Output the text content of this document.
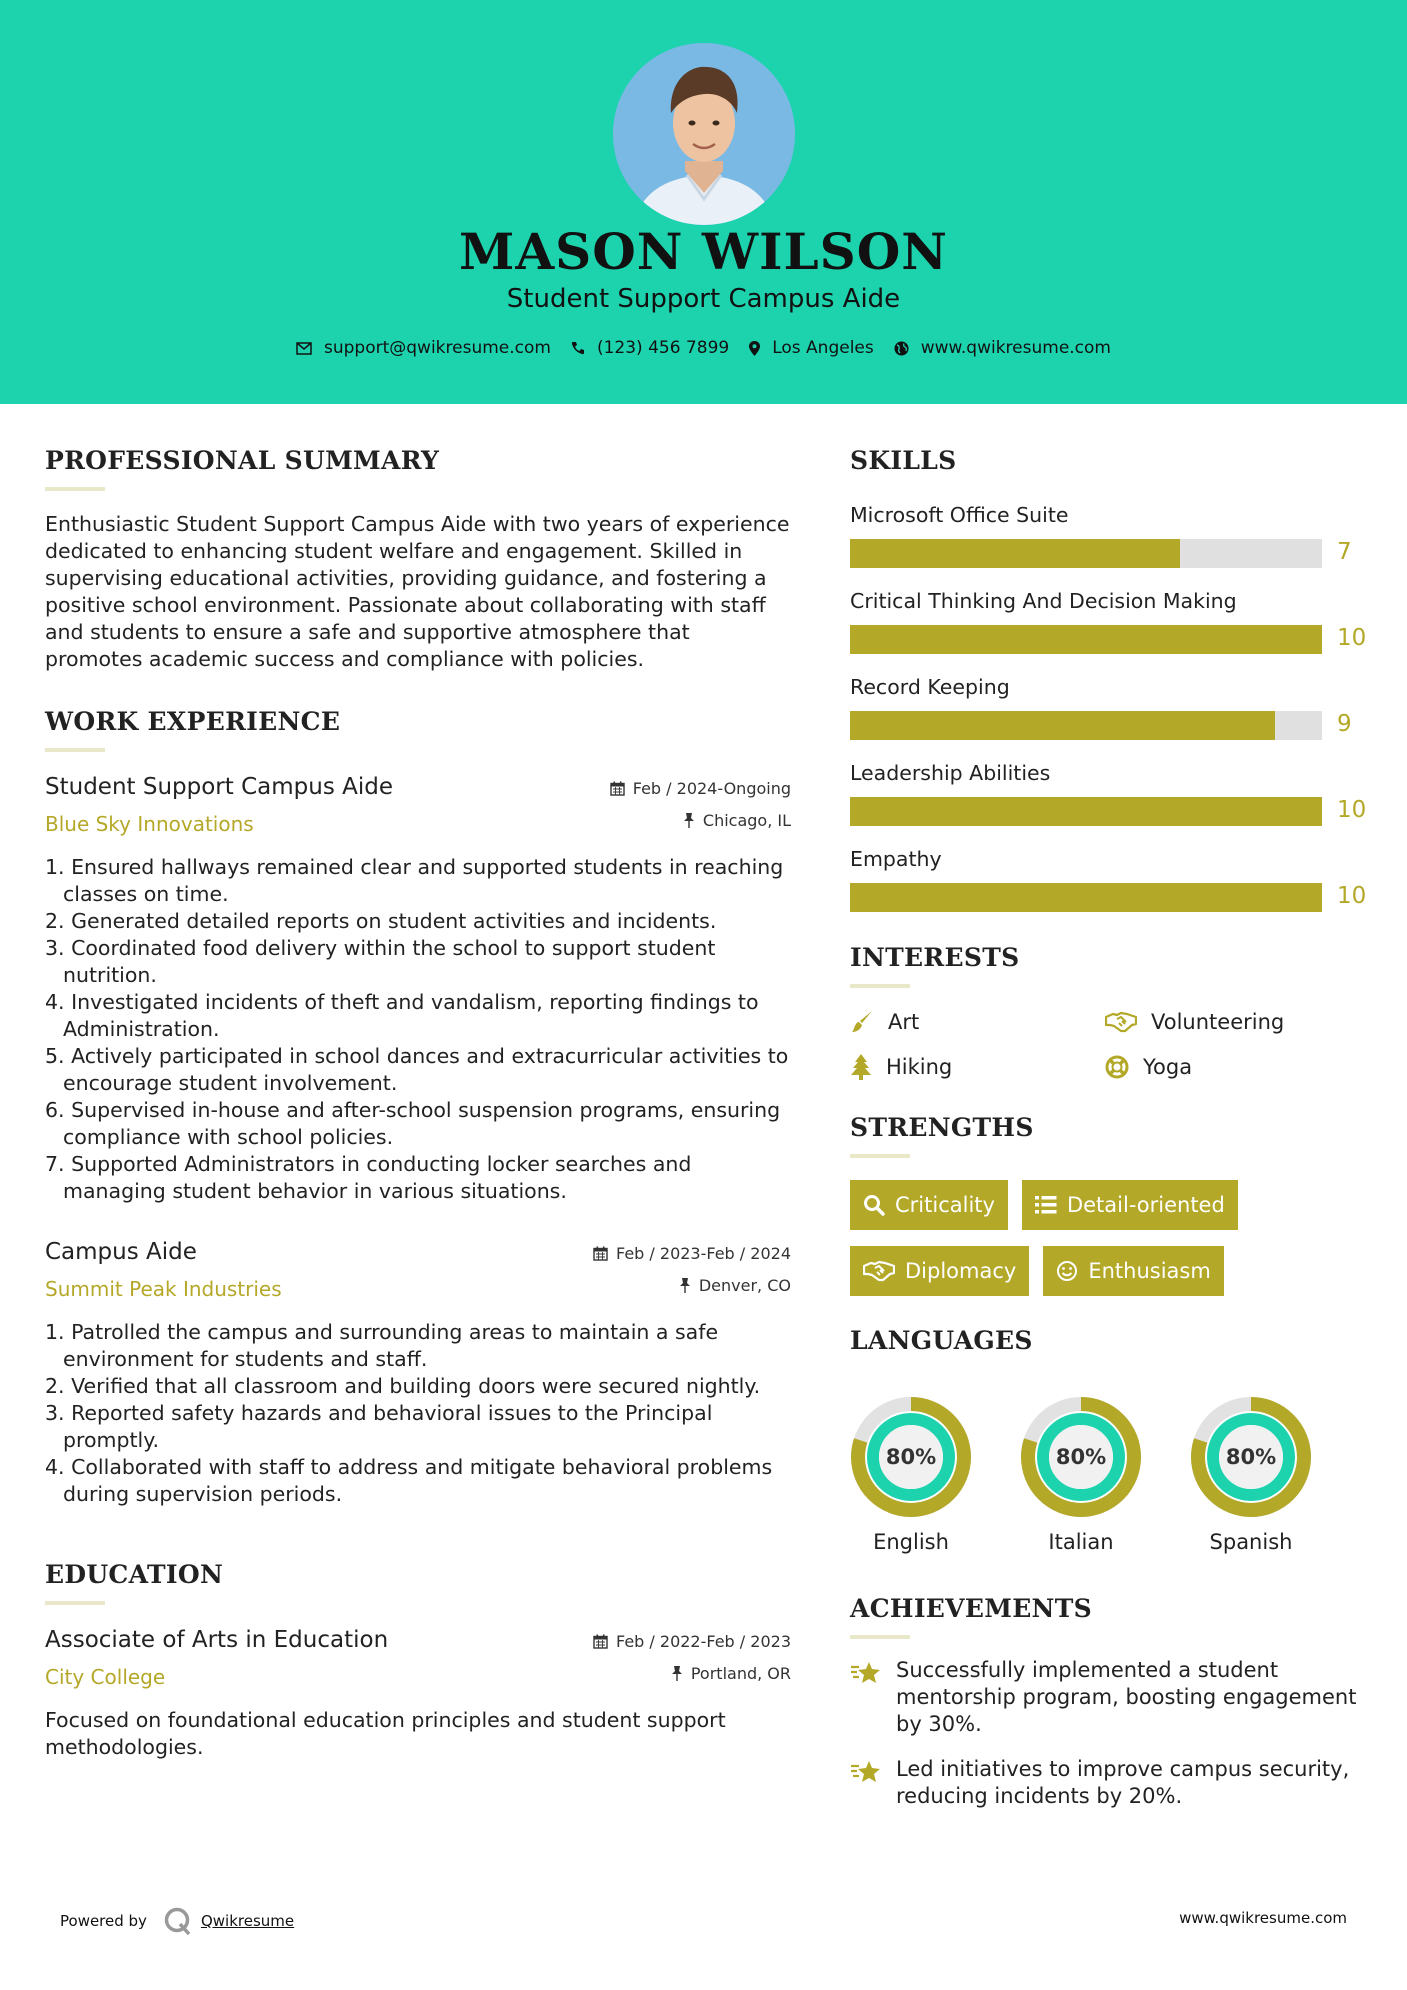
MASON WILSON
Student Support Campus Aide
support@qwikresume.com	(123) 456 7899	Los Angeles	www.qwikresume.com
PROFESSIONAL SUMMARY
Enthusiastic Student Support Campus Aide with two years of experience dedicated to enhancing student welfare and engagement. Skilled in supervising educational activities, providing guidance, and fostering a positive school environment. Passionate about collaborating with staff and students to ensure a safe and supportive atmosphere that promotes academic success and compliance with policies.
WORK EXPERIENCE
Student Support Campus Aide
Blue Sky Innovations
Feb / 2024-Ongoing
Chicago, IL
1. Ensured hallways remained clear and supported students in reaching classes on time.
2. Generated detailed reports on student activities and incidents.
3. Coordinated food delivery within the school to support student nutrition.
4. Investigated incidents of theft and vandalism, reporting findings to Administration.
5. Actively participated in school dances and extracurricular activities to encourage student involvement.
6. Supervised in-house and after-school suspension programs, ensuring compliance with school policies.
7. Supported Administrators in conducting locker searches and managing student behavior in various situations.
Campus Aide
Summit Peak Industries
Feb / 2023-Feb / 2024
Denver, CO
1. Patrolled the campus and surrounding areas to maintain a safe environment for students and staff.
2. Verified that all classroom and building doors were secured nightly.
3. Reported safety hazards and behavioral issues to the Principal promptly.
4. Collaborated with staff to address and mitigate behavioral problems during supervision periods.
EDUCATION
Associate of Arts in Education
City College
Feb / 2022-Feb / 2023
Portland, OR
Focused on foundational education principles and student support methodologies.
SKILLS
Microsoft Office Suite
7
Critical Thinking And Decision Making
10
Record Keeping
9
Leadership Abilities
10
Empathy
10
INTERESTS
Art	Volunteering
Hiking	Yoga
STRENGTHS
Criticality	Detail-oriented
Diplomacy	Enthusiasm
LANGUAGES
80%
English
80%
Italian
80%
Spanish
ACHIEVEMENTS
Successfully implemented a student mentorship program, boosting engagement by 30%.
Led initiatives to improve campus security, reducing incidents by 20%.
Powered by	Qwikresume	www.qwikresume.com
